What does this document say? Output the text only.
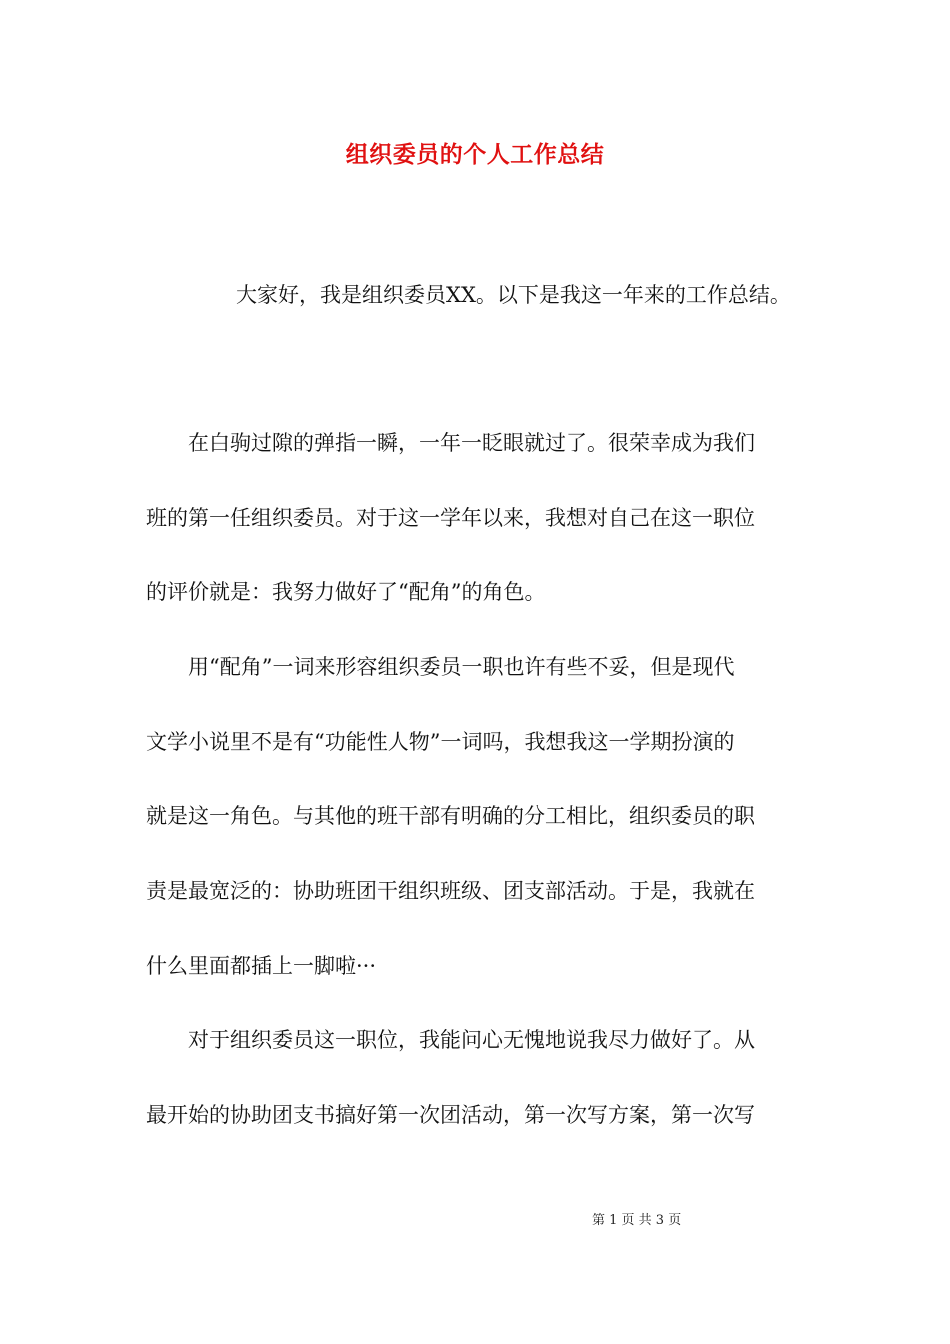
组织委员的个人工作总结
大家好，我是组织委员XX。以下是我这一年来的工作总结。
　　在白驹过隙的弹指一瞬，一年一眨眼就过了。很荣幸成为我们
班的第一任组织委员。对于这一学年以来，我想对自己在这一职位
的评价就是：我努力做好了“配角”的角色。
　　用“配角”一词来形容组织委员一职也许有些不妥，但是现代
文学小说里不是有“功能性人物”一词吗，我想我这一学期扮演的
就是这一角色。与其他的班干部有明确的分工相比，组织委员的职
责是最宽泛的：协助班团干组织班级、团支部活动。于是，我就在
什么里面都插上一脚啦···
　　对于组织委员这一职位，我能问心无愧地说我尽力做好了。从
最开始的协助团支书搞好第一次团活动，第一次写方案，第一次写
第 1 页 共 3 页
